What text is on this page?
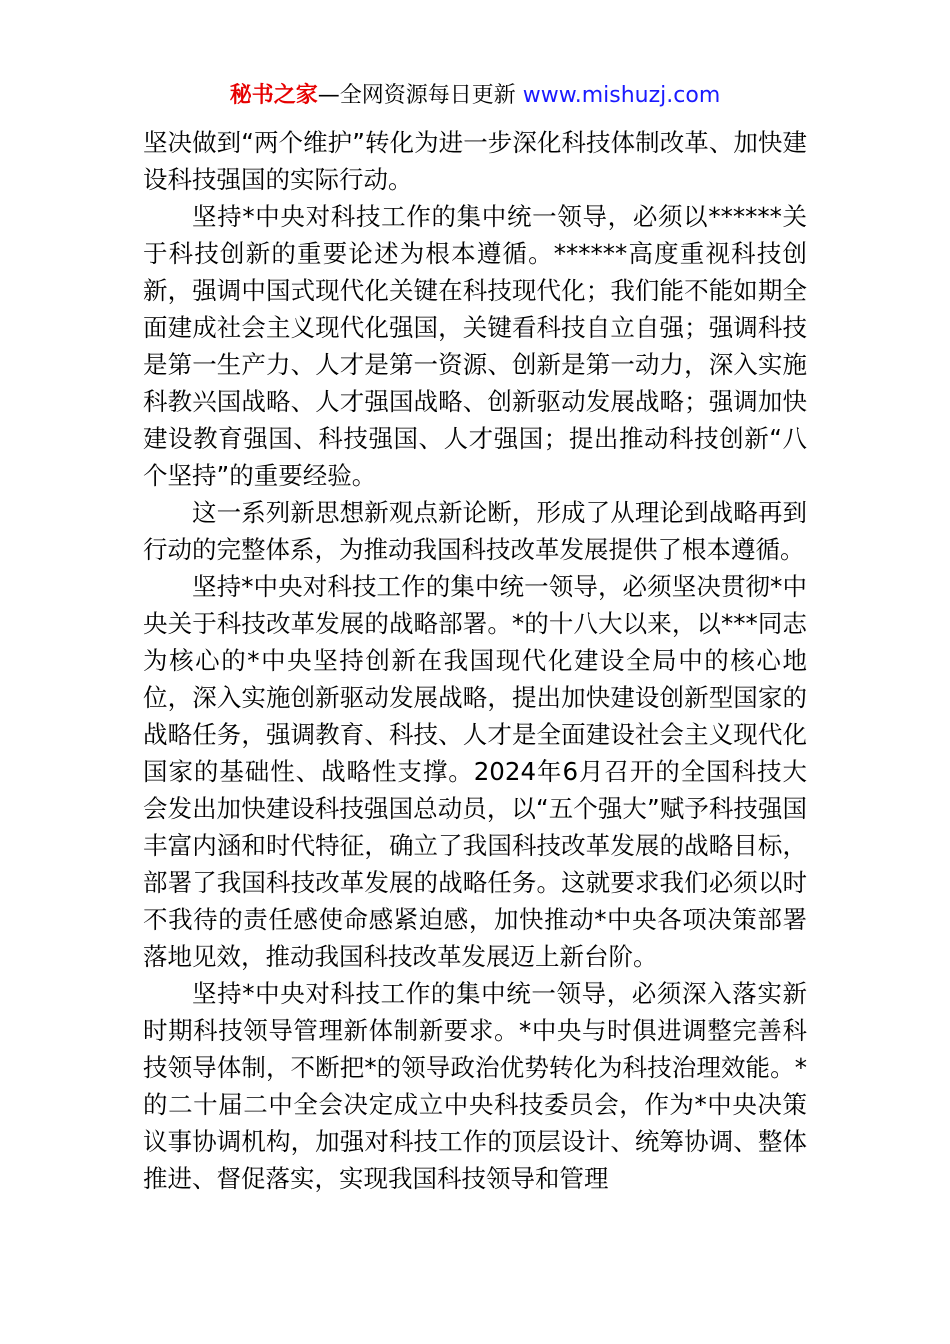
秘书之家—全网资源每日更新 www.mishuzj.com

坚决做到“两个维护”转化为进一步深化科技体制改革、加快建设科技强国的实际行动。

坚持*中央对科技工作的集中统一领导，必须以******关于科技创新的重要论述为根本遵循。******高度重视科技创新，强调中国式现代化关键在科技现代化；我们能不能如期全面建成社会主义现代化强国，关键看科技自立自强；强调科技是第一生产力、人才是第一资源、创新是第一动力，深入实施科教兴国战略、人才强国战略、创新驱动发展战略；强调加快建设教育强国、科技强国、人才强国；提出推动科技创新“八个坚持”的重要经验。

这一系列新思想新观点新论断，形成了从理论到战略再到行动的完整体系，为推动我国科技改革发展提供了根本遵循。

坚持*中央对科技工作的集中统一领导，必须坚决贯彻*中央关于科技改革发展的战略部署。*的十八大以来，以***同志为核心的*中央坚持创新在我国现代化建设全局中的核心地位，深入实施创新驱动发展战略，提出加快建设创新型国家的战略任务，强调教育、科技、人才是全面建设社会主义现代化国家的基础性、战略性支撑。2024年6月召开的全国科技大会发出加快建设科技强国总动员，以“五个强大”赋予科技强国丰富内涵和时代特征，确立了我国科技改革发展的战略目标，部署了我国科技改革发展的战略任务。这就要求我们必须以时不我待的责任感使命感紧迫感，加快推动*中央各项决策部署落地见效，推动我国科技改革发展迈上新台阶。

坚持*中央对科技工作的集中统一领导，必须深入落实新时期科技领导管理新体制新要求。*中央与时俱进调整完善科技领导体制，不断把*的领导政治优势转化为科技治理效能。*的二十届二中全会决定成立中央科技委员会，作为*中央决策议事协调机构，加强对科技工作的顶层设计、统筹协调、整体推进、督促落实，实现我国科技领导和管理
